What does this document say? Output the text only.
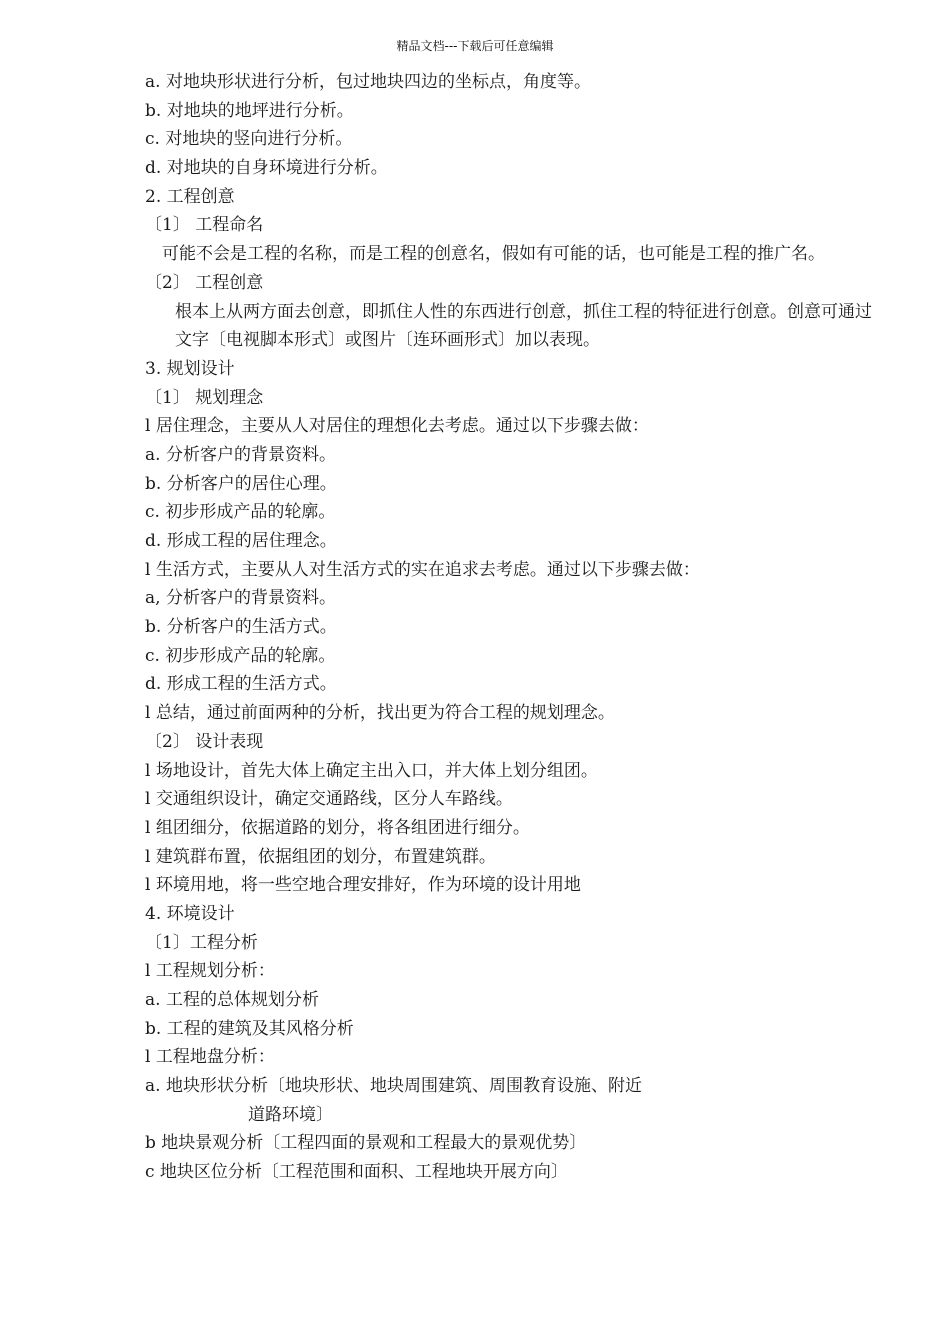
精品文档---下载后可任意编辑
a. 对地块形状进行分析，包过地块四边的坐标点，角度等。
b. 对地块的地坪进行分析。
c. 对地块的竖向进行分析。
d. 对地块的自身环境进行分析。
2. 工程创意
〔1〕 工程命名
可能不会是工程的名称，而是工程的创意名，假如有可能的话，也可能是工程的推广名。
〔2〕 工程创意
根本上从两方面去创意，即抓住人性的东西进行创意，抓住工程的特征进行创意。创意可通过文字〔电视脚本形式〕或图片〔连环画形式〕加以表现。
3. 规划设计
〔1〕 规划理念
l 居住理念，主要从人对居住的理想化去考虑。通过以下步骤去做：
a. 分析客户的背景资料。
b. 分析客户的居住心理。
c. 初步形成产品的轮廓。
d. 形成工程的居住理念。
l 生活方式，主要从人对生活方式的实在追求去考虑。通过以下步骤去做：
a, 分析客户的背景资料。
b. 分析客户的生活方式。
c. 初步形成产品的轮廓。
d. 形成工程的生活方式。
l 总结，通过前面两种的分析，找出更为符合工程的规划理念。
〔2〕 设计表现
l 场地设计，首先大体上确定主出入口，并大体上划分组团。
l 交通组织设计，确定交通路线，区分人车路线。
l 组团细分，依据道路的划分，将各组团进行细分。
l 建筑群布置，依据组团的划分，布置建筑群。
l 环境用地，将一些空地合理安排好，作为环境的设计用地
4. 环境设计
〔1〕工程分析
l 工程规划分析：
a. 工程的总体规划分析
b. 工程的建筑及其风格分析
l 工程地盘分析：
a. 地块形状分析〔地块形状、地块周围建筑、周围教育设施、附近
道路环境〕
b 地块景观分析〔工程四面的景观和工程最大的景观优势〕
c 地块区位分析〔工程范围和面积、工程地块开展方向〕
